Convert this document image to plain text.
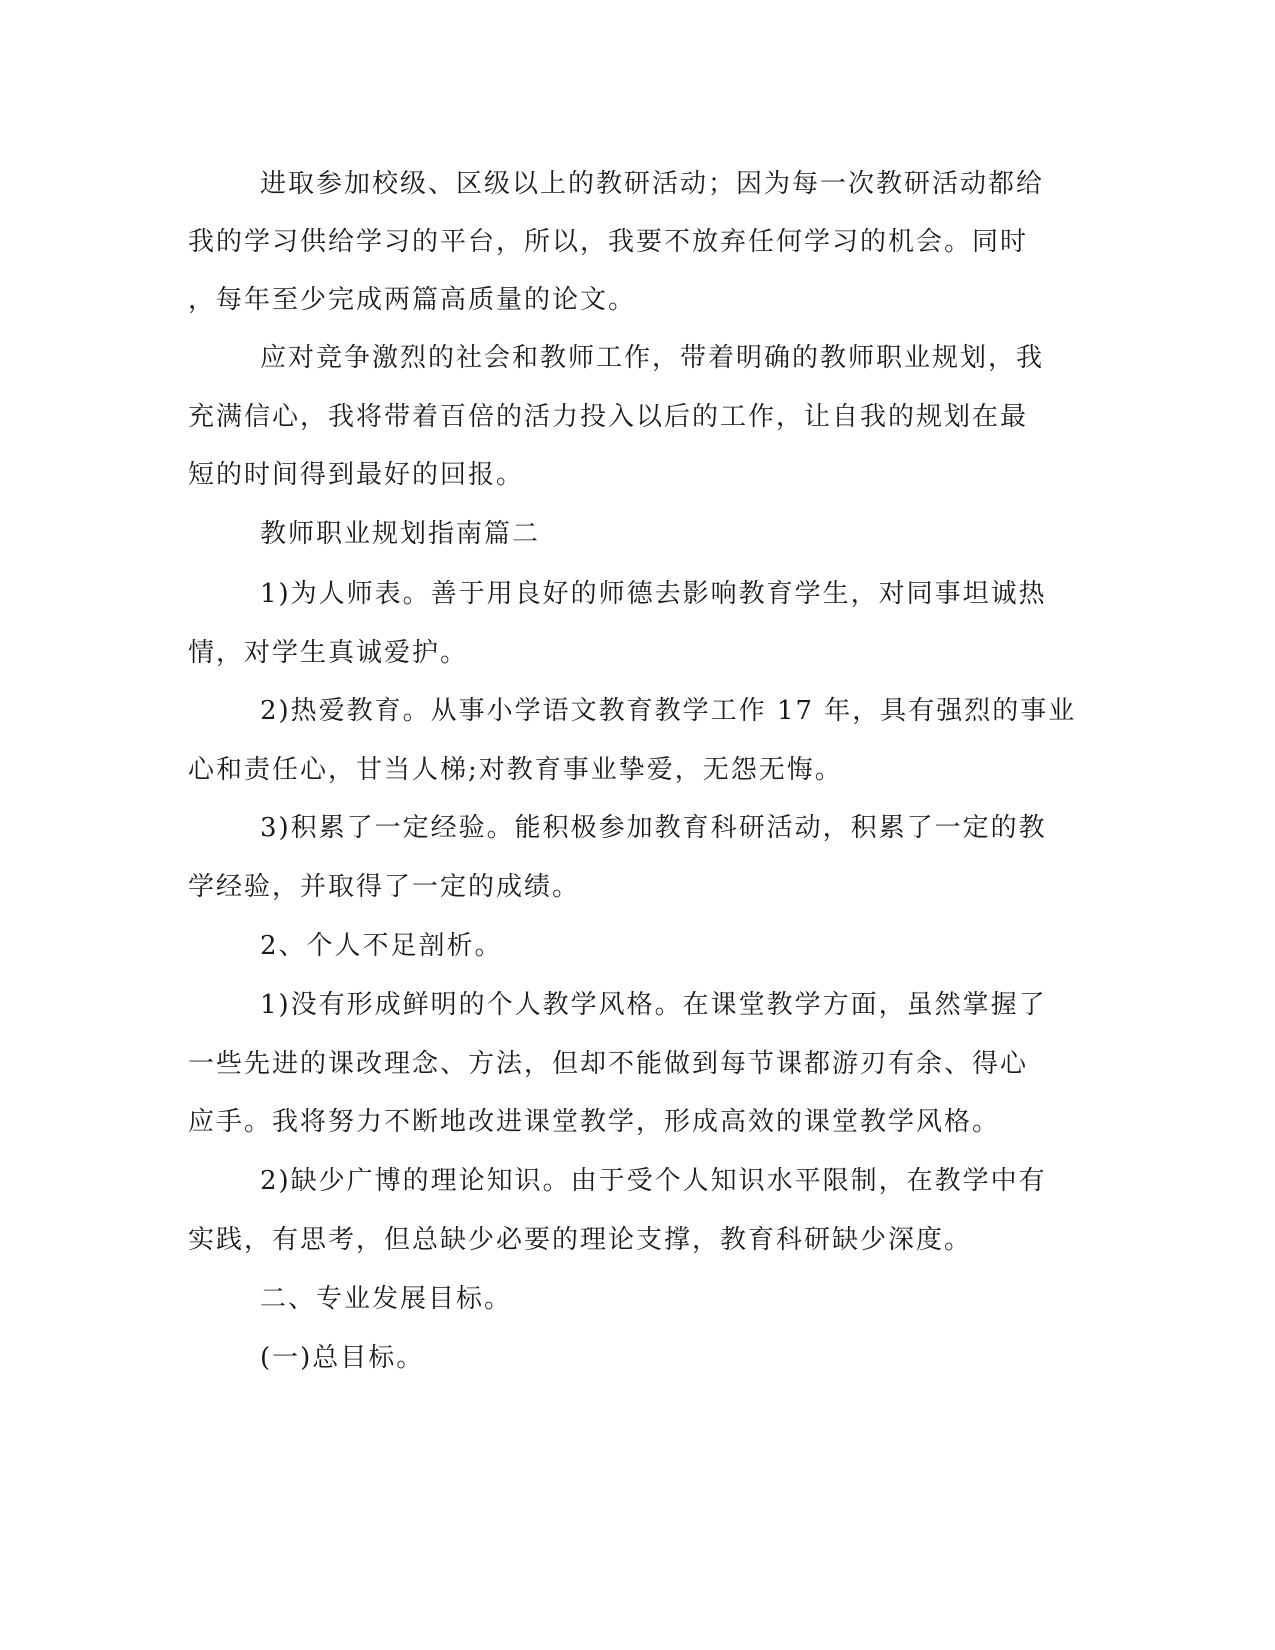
进取参加校级、区级以上的教研活动；因为每一次教研活动都给
我的学习供给学习的平台，所以，我要不放弃任何学习的机会。同时
，每年至少完成两篇高质量的论文。
应对竞争激烈的社会和教师工作，带着明确的教师职业规划，我
充满信心，我将带着百倍的活力投入以后的工作，让自我的规划在最
短的时间得到最好的回报。
教师职业规划指南篇二
1)为人师表。善于用良好的师德去影响教育学生，对同事坦诚热
情，对学生真诚爱护。
2)热爱教育。从事小学语文教育教学工作 17 年，具有强烈的事业
心和责任心，甘当人梯;对教育事业挚爱，无怨无悔。
3)积累了一定经验。能积极参加教育科研活动，积累了一定的教
学经验，并取得了一定的成绩。
2、个人不足剖析。
1)没有形成鲜明的个人教学风格。在课堂教学方面，虽然掌握了
一些先进的课改理念、方法，但却不能做到每节课都游刃有余、得心
应手。我将努力不断地改进课堂教学，形成高效的课堂教学风格。
2)缺少广博的理论知识。由于受个人知识水平限制，在教学中有
实践，有思考，但总缺少必要的理论支撑，教育科研缺少深度。
二、专业发展目标。
(一)总目标。
